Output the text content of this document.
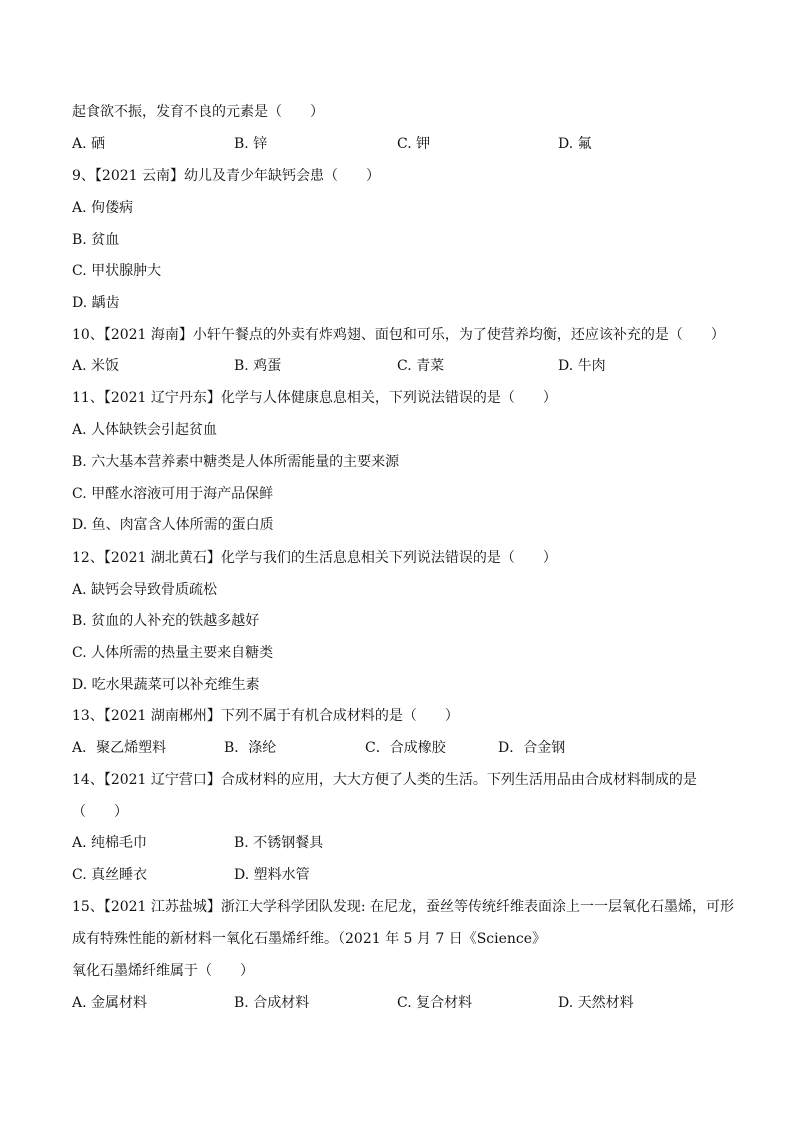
起食欲不振，发育不良的元素是（　　）
A. 硒	B. 锌	C. 钾	D. 氟
9、【2021 云南】幼儿及青少年缺钙会患（　　）
A. 佝偻病
B. 贫血
C. 甲状腺肿大
D. 龋齿
10、【2021 海南】小轩午餐点的外卖有炸鸡翅、面包和可乐，为了使营养均衡，还应该补充的是（　　）
A. 米饭	B. 鸡蛋	C. 青菜	D. 牛肉
11、【2021 辽宁丹东】化学与人体健康息息相关，下列说法错误的是（　　）
A. 人体缺铁会引起贫血
B. 六大基本营养素中糖类是人体所需能量的主要来源
C. 甲醛水溶液可用于海产品保鲜
D. 鱼、肉富含人体所需的蛋白质
12、【2021 湖北黄石】化学与我们的生活息息相关下列说法错误的是（　　）
A. 缺钙会导致骨质疏松
B. 贫血的人补充的铁越多越好
C. 人体所需的热量主要来自糖类
D. 吃水果蔬菜可以补充维生素
13、【2021 湖南郴州】下列不属于有机合成材料的是（　　）
A．聚乙烯塑料	B．涤纶	C．合成橡胶	D．合金钢
14、【2021 辽宁营口】合成材料的应用，大大方便了人类的生活。下列生活用品由合成材料制成的是
（　　）
A. 纯棉毛巾	B. 不锈钢餐具
C. 真丝睡衣	D. 塑料水管
15、【2021 江苏盐城】浙江大学科学团队发现: 在尼龙，蚕丝等传统纤维表面涂上一一层氧化石墨烯，可形
成有特殊性能的新材料一氧化石墨烯纤维。（2021 年 5 月 7 日《Science》
氧化石墨烯纤维属于（　　）
A. 金属材料	B. 合成材料	C. 复合材料	D. 天然材料
